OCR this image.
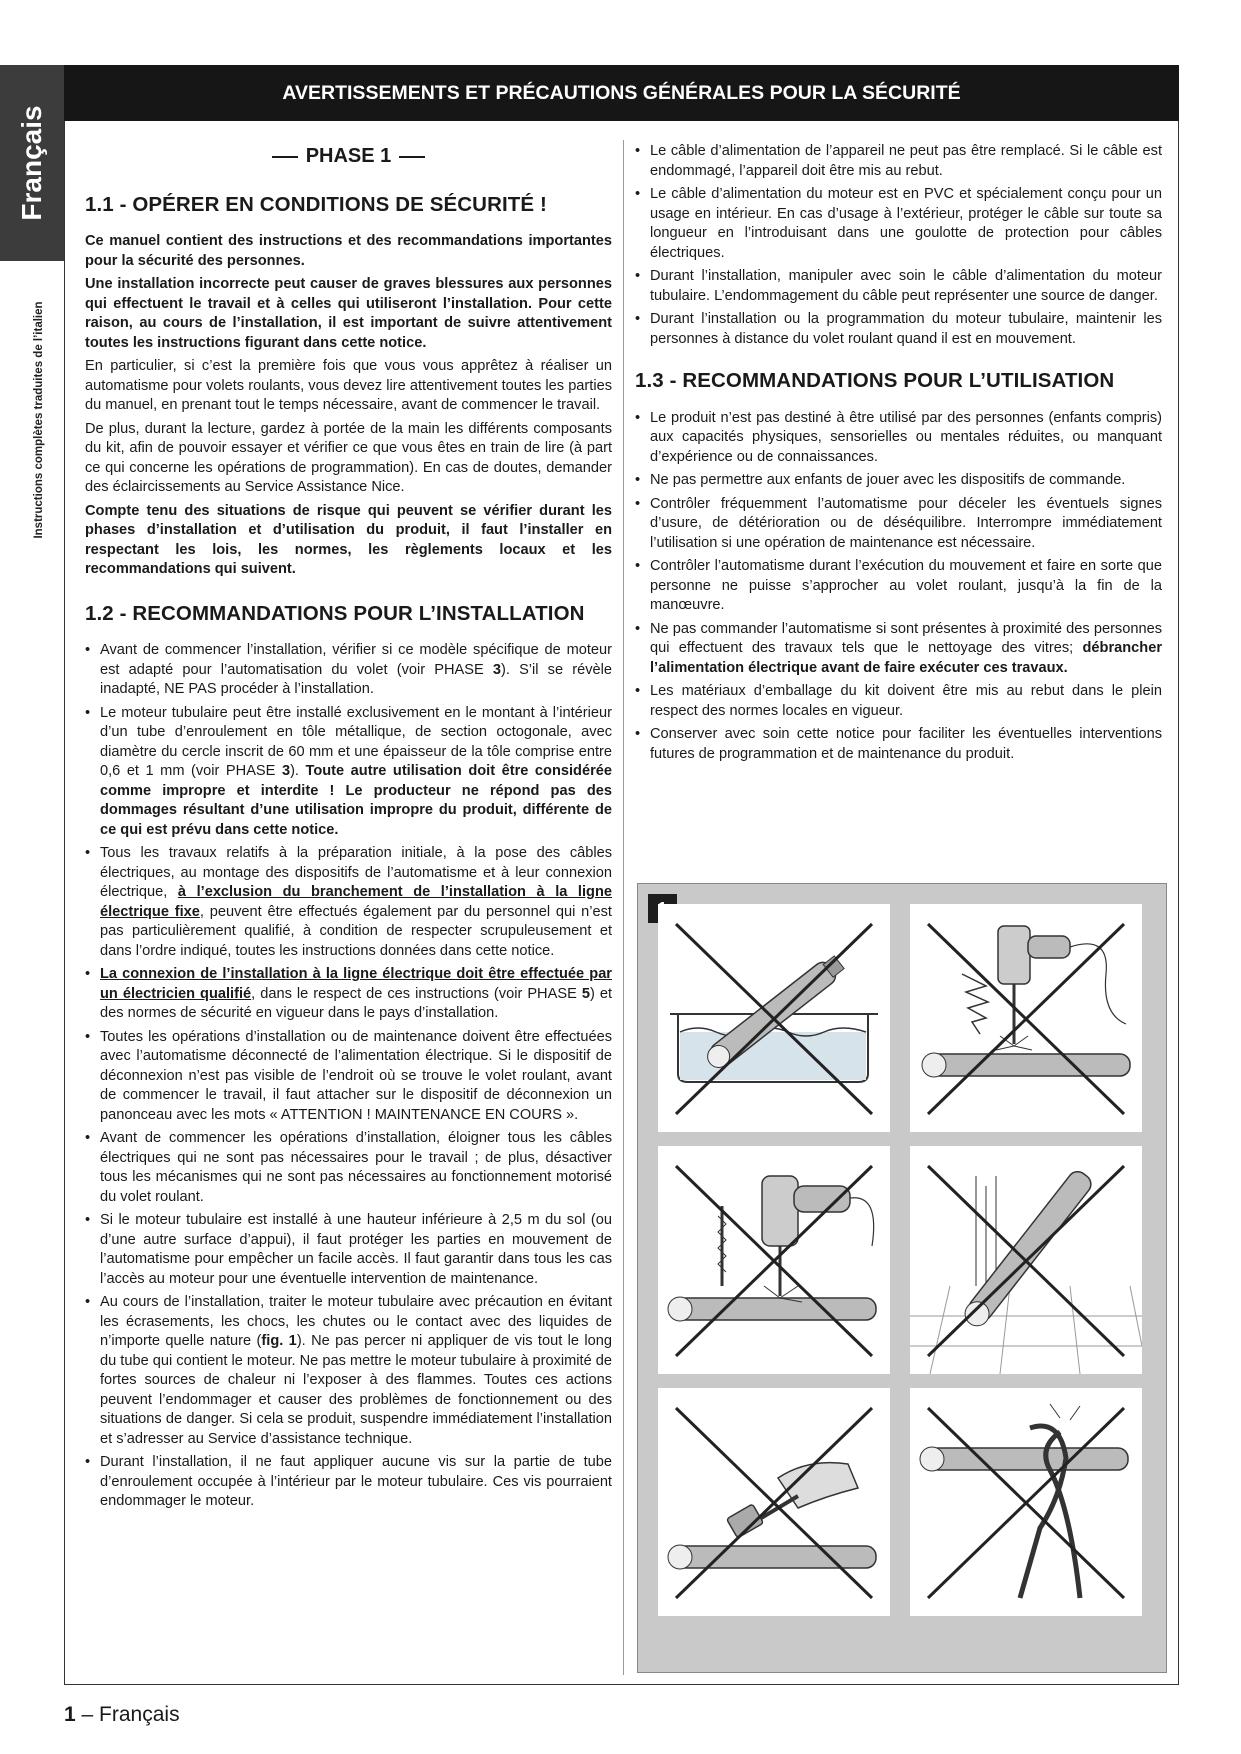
Français
Instructions complètes traduites de l’italien
AVERTISSEMENTS ET PRÉCAUTIONS GÉNÉRALES POUR LA SÉCURITÉ
PHASE 1
1.1 - OPÉRER EN CONDITIONS DE SÉCURITÉ !

Ce manuel contient des instructions et des recommandations importantes pour la sécurité des personnes.

Une installation incorrecte peut causer de graves blessures aux personnes qui effectuent le travail et à celles qui utiliseront l’installation. Pour cette raison, au cours de l’installation, il est important de suivre attentivement toutes les instructions figurant dans cette notice.

En particulier, si c’est la première fois que vous vous apprêtez à réaliser un automatisme pour volets roulants, vous devez lire attentivement toutes les parties du manuel, en prenant tout le temps nécessaire, avant de commencer le travail.

De plus, durant la lecture, gardez à portée de la main les différents composants du kit, afin de pouvoir essayer et vérifier ce que vous êtes en train de lire (à part ce qui concerne les opérations de programmation). En cas de doutes, demander des éclaircissements au Service Assistance Nice.

Compte tenu des situations de risque qui peuvent se vérifier durant les phases d’installation et d’utilisation du produit, il faut l’installer en respectant les lois, les normes, les règlements locaux et les recommandations qui suivent.

1.2 - RECOMMANDATIONS POUR L’INSTALLATION
• Avant de commencer l’installation, vérifier si ce modèle spécifique de moteur est adapté pour l’automatisation du volet (voir PHASE 3). S’il se révèle inadapté, NE PAS procéder à l’installation.
• Le moteur tubulaire peut être installé exclusivement en le montant à l’intérieur d’un tube d’enroulement en tôle métallique, de section octogonale, avec diamètre du cercle inscrit de 60 mm et une épaisseur de la tôle comprise entre 0,6 et 1 mm (voir PHASE 3). Toute autre utilisation doit être considérée comme impropre et interdite ! Le producteur ne répond pas des dommages résultant d’une utilisation impropre du produit, différente de ce qui est prévu dans cette notice.
• Tous les travaux relatifs à la préparation initiale, à la pose des câbles électriques, au montage des dispositifs de l’automatisme et à leur connexion électrique, à l’exclusion du branchement de l’installation à la ligne électrique fixe, peuvent être effectués également par du personnel qui n’est pas particulièrement qualifié, à condition de respecter scrupuleusement et dans l’ordre indiqué, toutes les instructions données dans cette notice.
• La connexion de l’installation à la ligne électrique doit être effectuée par un électricien qualifié, dans le respect de ces instructions (voir PHASE 5) et des normes de sécurité en vigueur dans le pays d’installation.
• Toutes les opérations d’installation ou de maintenance doivent être effectuées avec l’automatisme déconnecté de l’alimentation électrique. Si le dispositif de déconnexion n’est pas visible de l’endroit où se trouve le volet roulant, avant de commencer le travail, il faut attacher sur le dispositif de déconnexion un panonceau avec les mots « ATTENTION ! MAINTENANCE EN COURS ».
• Avant de commencer les opérations d’installation, éloigner tous les câbles électriques qui ne sont pas nécessaires pour le travail ; de plus, désactiver tous les mécanismes qui ne sont pas nécessaires au fonctionnement motorisé du volet roulant.
• Si le moteur tubulaire est installé à une hauteur inférieure à 2,5 m du sol (ou d’une autre surface d’appui), il faut protéger les parties en mouvement de l’automatisme pour empêcher un facile accès. Il faut garantir dans tous les cas l’accès au moteur pour une éventuelle intervention de maintenance.
• Au cours de l’installation, traiter le moteur tubulaire avec précaution en évitant les écrasements, les chocs, les chutes ou le contact avec des liquides de n’importe quelle nature (fig. 1). Ne pas percer ni appliquer de vis tout le long du tube qui contient le moteur. Ne pas mettre le moteur tubulaire à proximité de fortes sources de chaleur ni l’exposer à des flammes. Toutes ces actions peuvent l’endommager et causer des problèmes de fonctionnement ou des situations de danger. Si cela se produit, suspendre immédiatement l’installation et s’adresser au Service d’assistance technique.
• Durant l’installation, il ne faut appliquer aucune vis sur la partie de tube d’enroulement occupée à l’intérieur par le moteur tubulaire. Ces vis pourraient endommager le moteur.
• Le câble d’alimentation de l’appareil ne peut pas être remplacé. Si le câble est endommagé, l’appareil doit être mis au rebut.
• Le câble d’alimentation du moteur est en PVC et spécialement conçu pour un usage en intérieur. En cas d’usage à l’extérieur, protéger le câble sur toute sa longueur en l’introduisant dans une goulotte de protection pour câbles électriques.
• Durant l’installation, manipuler avec soin le câble d’alimentation du moteur tubulaire. L’endommagement du câble peut représenter une source de danger.
• Durant l’installation ou la programmation du moteur tubulaire, maintenir les personnes à distance du volet roulant quand il est en mouvement.
1.3 - RECOMMANDATIONS POUR L’UTILISATION
• Le produit n’est pas destiné à être utilisé par des personnes (enfants compris) aux capacités physiques, sensorielles ou mentales réduites, ou manquant d’expérience ou de connaissances.
• Ne pas permettre aux enfants de jouer avec les dispositifs de commande.
• Contrôler fréquemment l’automatisme pour déceler les éventuels signes d’usure, de détérioration ou de déséquilibre. Interrompre immédiatement l’utilisation si une opération de maintenance est nécessaire.
• Contrôler l’automatisme durant l’exécution du mouvement et faire en sorte que personne ne puisse s’approcher au volet roulant, jusqu’à la fin de la manœuvre.
• Ne pas commander l’automatisme si sont présentes à proximité des personnes qui effectuent des travaux tels que le nettoyage des vitres; débrancher l’alimentation électrique avant de faire exécuter ces travaux.
• Les matériaux d’emballage du kit doivent être mis au rebut dans le plein respect des normes locales en vigueur.
• Conserver avec soin cette notice pour faciliter les éventuelles interventions futures de programmation et de maintenance du produit.
1 – Français
